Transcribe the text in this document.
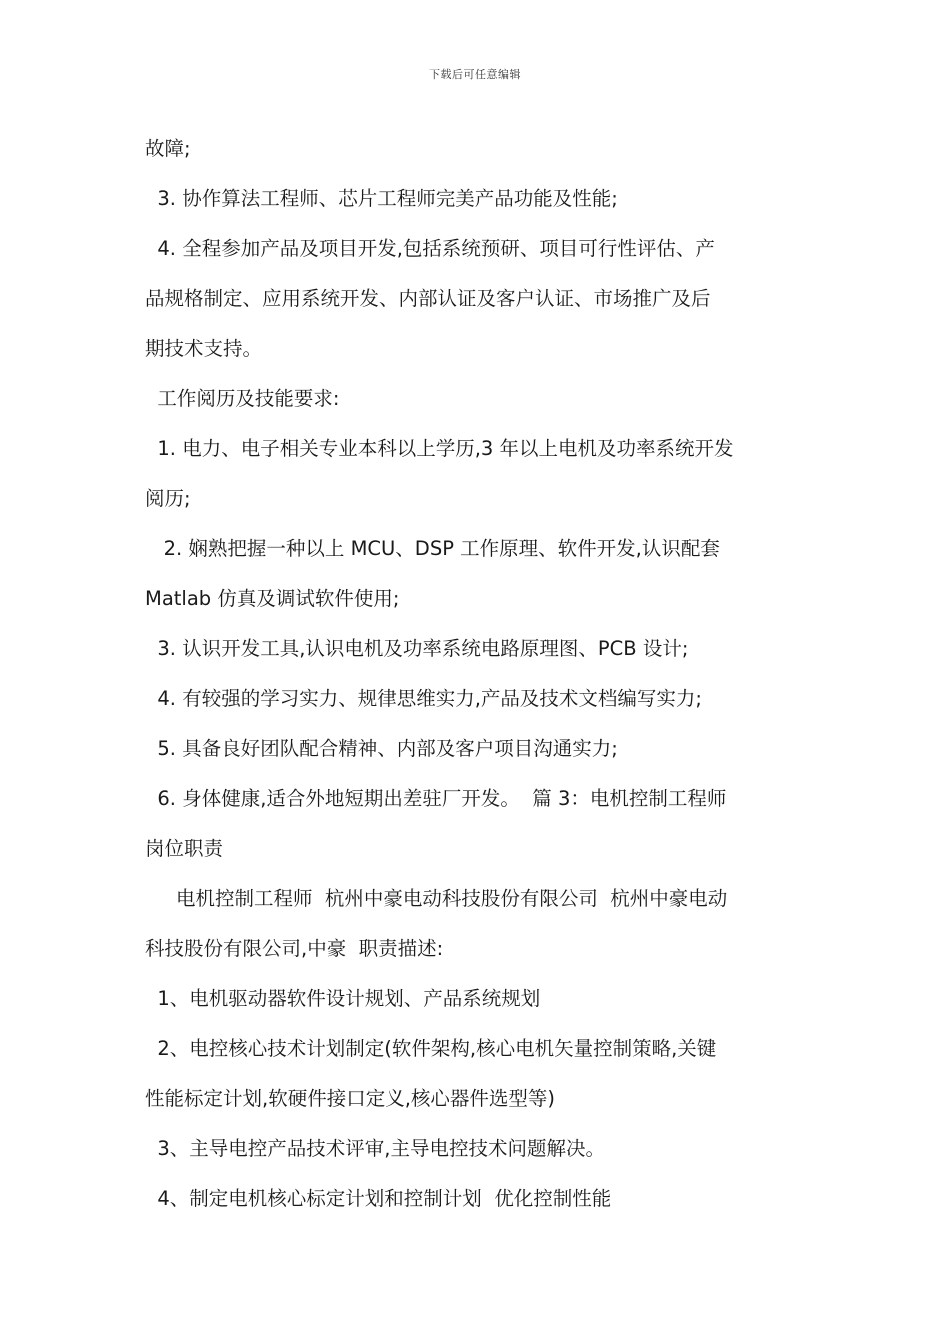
下载后可任意编辑
故障;
3. 协作算法工程师、芯片工程师完美产品功能及性能;
4. 全程参加产品及项目开发,包括系统预研、项目可行性评估、产
品规格制定、应用系统开发、内部认证及客户认证、市场推广及后
期技术支持。
工作阅历及技能要求:
1. 电力、电子相关专业本科以上学历,3 年以上电机及功率系统开发
阅历;
2. 娴熟把握一种以上 MCU、DSP 工作原理、软件开发,认识配套
Matlab 仿真及调试软件使用;
3. 认识开发工具,认识电机及功率系统电路原理图、PCB 设计;
4. 有较强的学习实力、规律思维实力,产品及技术文档编写实力;
5. 具备良好团队配合精神、内部及客户项目沟通实力;
6. 身体健康,适合外地短期出差驻厂开发。  篇 3：电机控制工程师
岗位职责
电机控制工程师  杭州中豪电动科技股份有限公司  杭州中豪电动
科技股份有限公司,中豪  职责描述:
1、电机驱动器软件设计规划、产品系统规划
2、电控核心技术计划制定(软件架构,核心电机矢量控制策略,关键
性能标定计划,软硬件接口定义,核心器件选型等)
3、主导电控产品技术评审,主导电控技术问题解决。
4、制定电机核心标定计划和控制计划  优化控制性能
